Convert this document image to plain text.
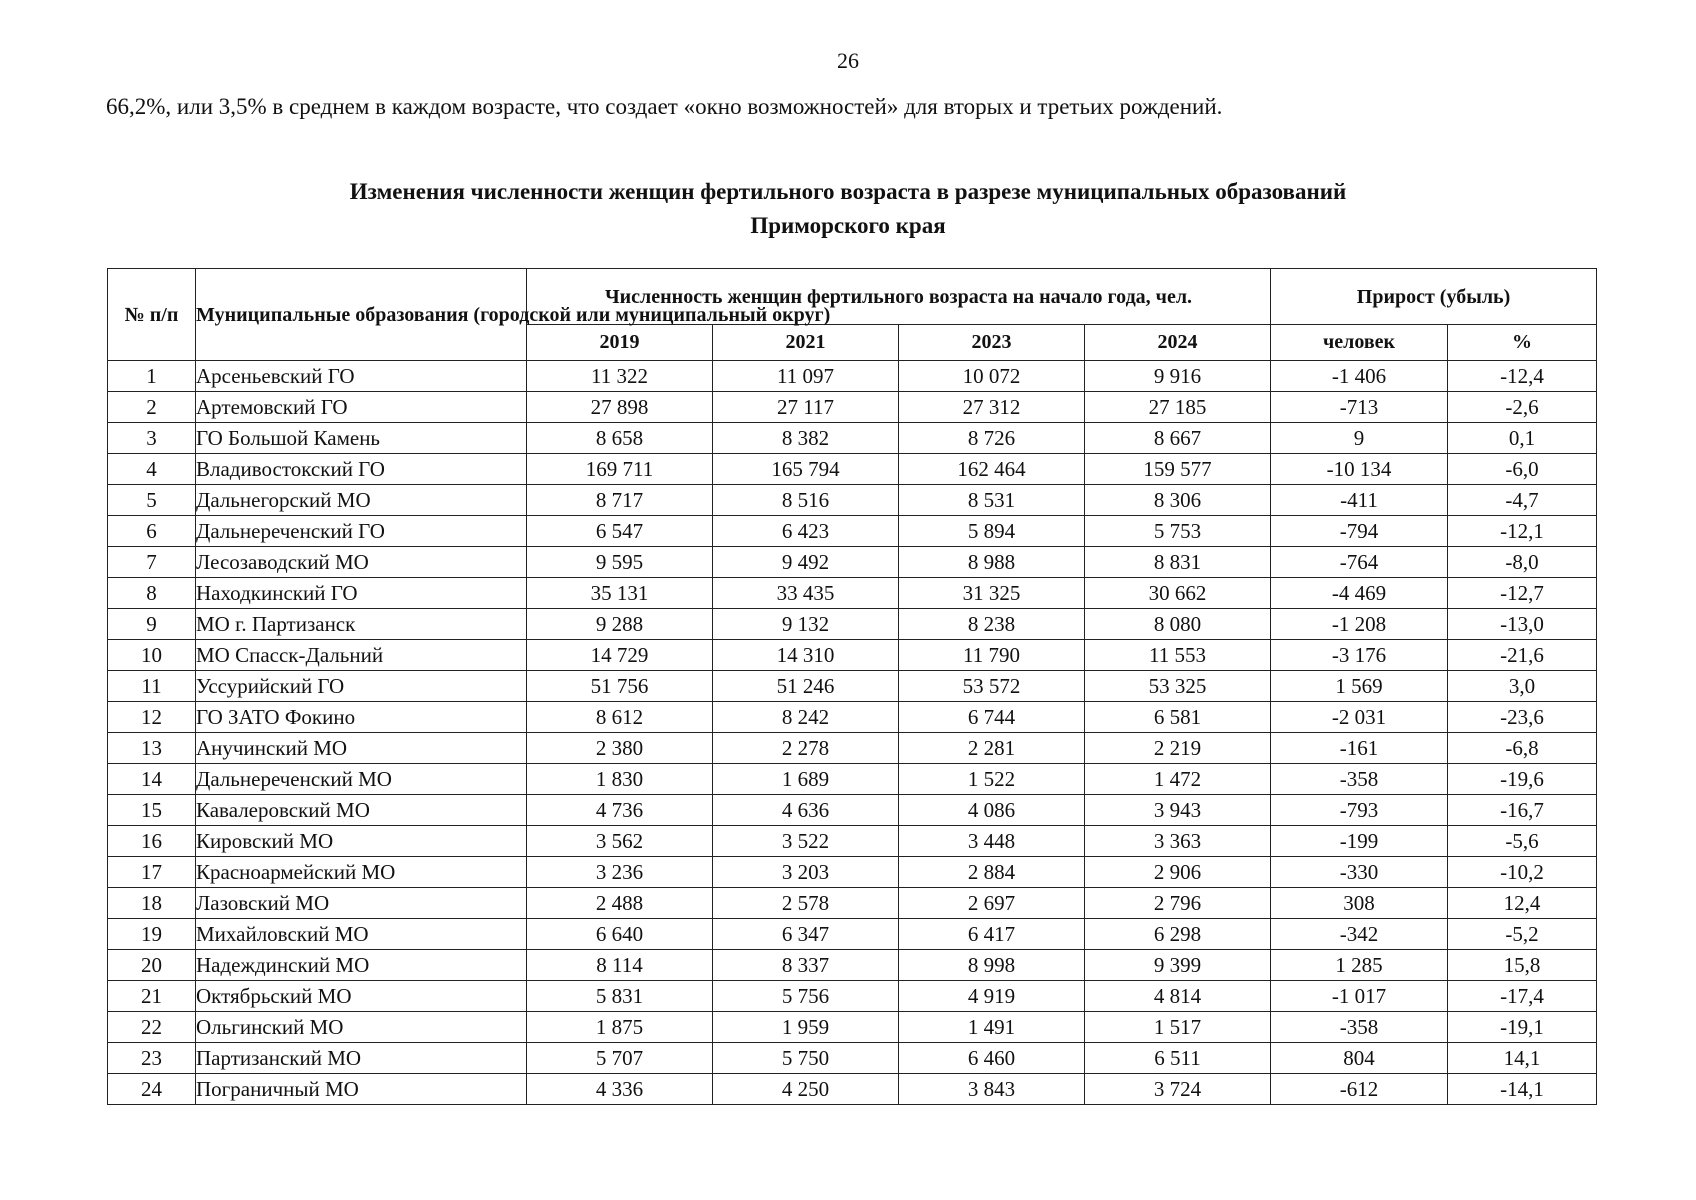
26
66,2%, или 3,5% в среднем в каждом возрасте, что создает «окно возможностей» для вторых и третьих рождений.
Изменения численности женщин фертильного возраста в разрезе муниципальных образований
Приморского края
№ п/п	Муниципальные образования (городской или муниципальный округ)	Численность женщин фертильного возраста на начало года, чел.				Прирост (убыль)	
		2019	2021	2023	2024	человек	%
1	Арсеньевский ГО	11 322	11 097	10 072	9 916	-1 406	-12,4
2	Артемовский ГО	27 898	27 117	27 312	27 185	-713	-2,6
3	ГО Большой Камень	8 658	8 382	8 726	8 667	9	0,1
4	Владивостокский ГО	169 711	165 794	162 464	159 577	-10 134	-6,0
5	Дальнегорский МО	8 717	8 516	8 531	8 306	-411	-4,7
6	Дальнереченский ГО	6 547	6 423	5 894	5 753	-794	-12,1
7	Лесозаводский МО	9 595	9 492	8 988	8 831	-764	-8,0
8	Находкинский ГО	35 131	33 435	31 325	30 662	-4 469	-12,7
9	МО г. Партизанск	9 288	9 132	8 238	8 080	-1 208	-13,0
10	МО Спасск-Дальний	14 729	14 310	11 790	11 553	-3 176	-21,6
11	Уссурийский ГО	51 756	51 246	53 572	53 325	1 569	3,0
12	ГО ЗАТО Фокино	8 612	8 242	6 744	6 581	-2 031	-23,6
13	Анучинский МО	2 380	2 278	2 281	2 219	-161	-6,8
14	Дальнереченский МО	1 830	1 689	1 522	1 472	-358	-19,6
15	Кавалеровский МО	4 736	4 636	4 086	3 943	-793	-16,7
16	Кировский МО	3 562	3 522	3 448	3 363	-199	-5,6
17	Красноармейский МО	3 236	3 203	2 884	2 906	-330	-10,2
18	Лазовский МО	2 488	2 578	2 697	2 796	308	12,4
19	Михайловский МО	6 640	6 347	6 417	6 298	-342	-5,2
20	Надеждинский МО	8 114	8 337	8 998	9 399	1 285	15,8
21	Октябрьский МО	5 831	5 756	4 919	4 814	-1 017	-17,4
22	Ольгинский МО	1 875	1 959	1 491	1 517	-358	-19,1
23	Партизанский МО	5 707	5 750	6 460	6 511	804	14,1
24	Пограничный МО	4 336	4 250	3 843	3 724	-612	-14,1
